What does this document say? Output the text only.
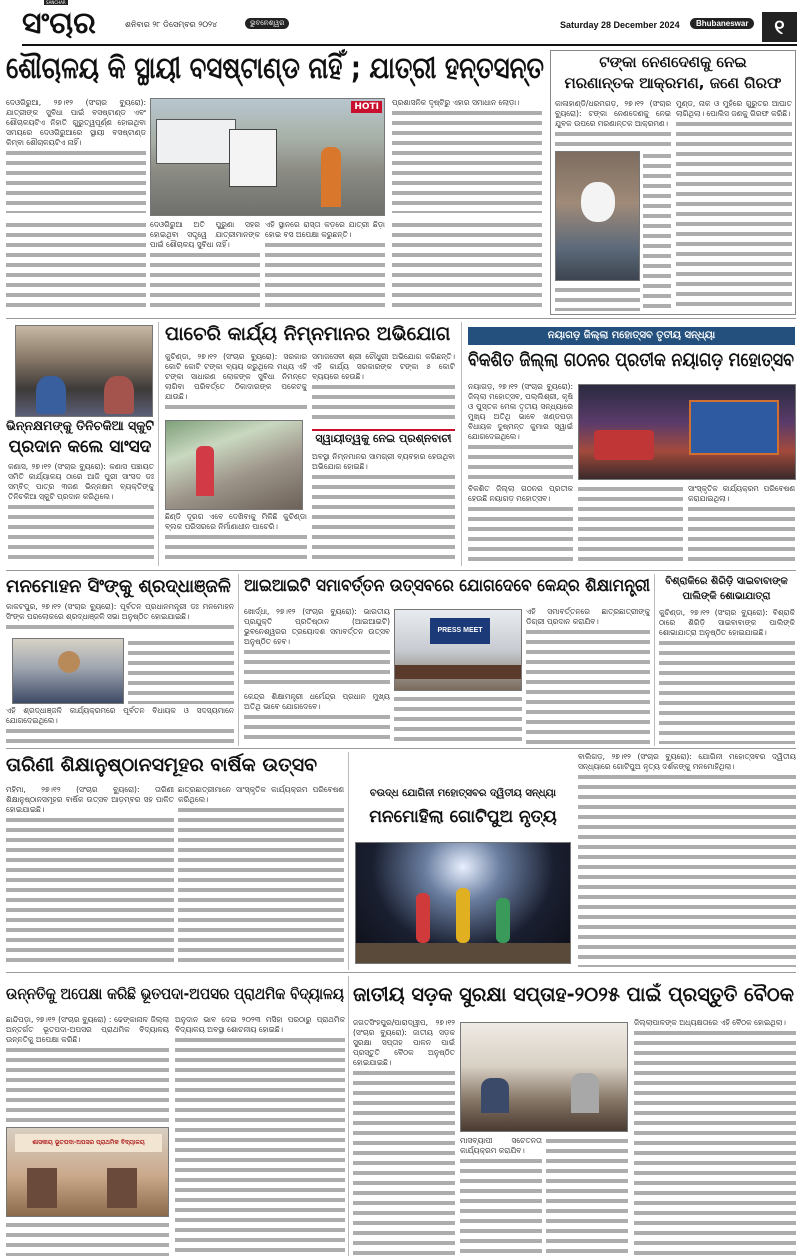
ସଂଚାର
SANCHAR
ଶନିବାର ୨୮ ଡିସେମ୍ବର ୨୦୨୪	ଭୁବନେଶ୍ୱର	Saturday 28 December 2024	Bhubaneswar	୧
ଶୌଚାଳୟ କି ସ୍ଥାୟୀ ବସଷ୍ଟାଣ୍ଡ ନାହିଁ ; ଯାତ୍ରୀ ହନ୍ତସନ୍ତ

ଦେଓଗିରୁଆ, ୨୭।୧୨ (ସଂଚାର ବ୍ୟୁରୋ): ଯାତ୍ରୀଙ୍କ ସୁବିଧା ପାଇଁ ବସଷ୍ଟାଣ୍ଡ ଏବଂ ଶୌଚାଳୟଟିଏ ନିହାତି ଗୁରୁତ୍ୱପୂର୍ଣ୍ଣ ହୋଇଥିବା ସମୟରେ ଦେଓଗିରୁଆରେ ସ୍ଥାୟୀ ବସଷ୍ଟାଣ୍ଡ କିମ୍ବା ଶୌଚାଳୟଟିଏ ନାହିଁ।

HOTI	ପ୍ରଶାସନିକ ଦୃଷ୍ଟିରୁ ଏହାର ସମାଧାନ ଲୋଡ଼ା।

ଦେଓଗିରୁଆ ଅତି ପୁରୁଣା ସହର ହୋଇଥିବା ସତ୍ତ୍ୱେ ଯାତ୍ରୀମାନଙ୍କ ପାଇଁ ଶୌଚାଳୟ ସୁବିଧା ନାହିଁ।

ଏହି ସ୍ଥାନରେ ରାସ୍ତା କଡ଼ରେ ଯାତ୍ରୀ ଛିଡ଼ା ହୋଇ ବସ ଅପେକ୍ଷା କରୁଛନ୍ତି।

ଟଙ୍କା ନେଣଦେଣକୁ ନେଇ
ମରଣାନ୍ତକ ଆକ୍ରମଣ, ଜଣେ ଗିରଫ

କାଳାହାଣ୍ଡି/ଧରମଗଡ଼, ୨୭।୧୨ (ସଂଚାର ବ୍ୟୁରୋ): ଟଙ୍କା ନେଣଦେଣକୁ ନେଇ ଯୁବକ ଉପରେ ମରଣାନ୍ତକ ଆକ୍ରମଣ।

ମୁଣ୍ଡ, ନାକ ଓ ମୁହଁରେ ଗୁରୁତର ଆଘାତ ଲାଗିଥିଲା। ପୋଲିସ ଜଣକୁ ଗିରଫ କରିଛି।

ଭିନ୍ନକ୍ଷମଙ୍କୁ ତିନିଚକିଆ ସ୍କୁଟି
ପ୍ରଦାନ କଲେ ସାଂସଦ

କଣାସ, ୨୭।୧୨ (ସଂଚାର ବ୍ୟୁରୋ): କଣାସ ପଞ୍ଚାୟତ ସମିତି କାର୍ଯ୍ୟାଳୟ ଠାରେ ଆଜି ପୁରୀ ସାଂସଦ ଡଃ ସମ୍ବିତ୍ ପାତ୍ର ୩ଜଣ ଭିନ୍ନକ୍ଷମ ବ୍ୟକ୍ତିଙ୍କୁ ତିନିଚକିଆ ସ୍କୁଟି ପ୍ରଦାନ କରିଥିଲେ।

ପାଚେରି କାର୍ଯ୍ୟ ନିମ୍ନମାନର ଅଭିଯୋଗ

କୁଚିଣ୍ଡା, ୨୭।୧୨ (ସଂଚାର ବ୍ୟୁରୋ): ସରକାର କୋଟି କୋଟି ଟଙ୍କା ବ୍ୟୟ କରୁଥିଲେ ମଧ୍ୟ ଏହି ଟଙ୍କା ସାଧାରଣ ଲୋକଙ୍କ ସୁବିଧା ନିମନ୍ତେ ଲାଗିବା ପରିବର୍ତ୍ତେ ଠିକାଦାରଙ୍କ ପକେଟକୁ ଯାଉଛି।

ସମାଜସେବୀ ଶ୍ରୀ ଚୌଧୁରୀ ଅଭିଯୋଗ କରିଛନ୍ତି। ଏହି କାର୍ଯ୍ୟ ସରକାରଙ୍କ ଟଙ୍କା ୫ କୋଟି ବ୍ୟୟରେ ହେଉଛି।

ଛିଣ୍ଡି ଦୂରଗ ଏବେ ଦେଖିବାକୁ ମିଳିଛି କୁଚିଣ୍ଡା ବ୍ଲକ ପରିସରରେ ନିର୍ମାଣାଧୀନ ପାଚେରି।

ସ୍ୱାୟୀତ୍ୱକୁ ନେଇ ପ୍ରଶ୍ନବାଚୀ

ଅବସ୍ଥା ନିମ୍ନମାନର ସାମଗ୍ରୀ ବ୍ୟବହାର ହେଉଥିବା ଅଭିଯୋଗ ହୋଇଛି।

ନୟାଗଡ଼ ଜିଲ୍ଲା ମହୋତ୍ସବ ତୃତୀୟ ସନ୍ଧ୍ୟା
ବିକଶିତ ଜିଲ୍ଲା ଗଠନର ପ୍ରତୀକ ନୟାଗଡ଼ ମହୋତ୍ସବ

ନୟାଗଡ଼, ୨୭।୧୨ (ସଂଚାର ବ୍ୟୁରୋ): ଜିଲ୍ଲା ମହୋତ୍ସବ, ପଲ୍ଲିଶ୍ରୀ, କୃଷି ଓ ପୁସ୍ତକ ମେଳା ତୃତୀୟ ସନ୍ଧ୍ୟାରେ ମୁଖ୍ୟ ଅତିଥି ଭାବେ ଖଣ୍ଡପଡ଼ା ବିଧାୟକ ଦୁଷ୍ମନ୍ତ କୁମାର ସ୍ୱାଇଁ ଯୋଗଦେଇଥିଲେ।

ବିକଶିତ ଜିଲ୍ଲା ଗଠନର ପ୍ରତୀକ ହେଉଛି ନୟାଗଡ଼ ମହୋତ୍ସବ।

ସାଂସ୍କୃତିକ କାର୍ଯ୍ୟକ୍ରମ ପରିବେଷଣ କରାଯାଇଥିଲା।

ମନମୋହନ ସିଂଙ୍କୁ ଶ୍ରଦ୍ଧାଞ୍ଜଳି

କାକଟପୁର, ୨୭।୧୨ (ସଂଚାର ବ୍ୟୁରୋ): ପୂର୍ବତନ ପ୍ରଧାନମନ୍ତ୍ରୀ ଡଃ ମନମୋହନ ସିଂଙ୍କ ପରଲୋକରେ ଶ୍ରଦ୍ଧାଞ୍ଜଳି ସଭା ଅନୁଷ୍ଠିତ ହୋଇଯାଇଛି।

ଏହି ଶ୍ରଦ୍ଧାଞ୍ଜଳି କାର୍ଯ୍ୟକ୍ରମରେ ପୂର୍ବତନ ବିଧାୟକ ଓ ସଦସ୍ୟମାନେ ଯୋଗଦେଇଥିଲେ।

ଆଇଆଇଟି ସମାବର୍ତ୍ତନ ଉତ୍ସବରେ ଯୋଗଦେବେ କେନ୍ଦ୍ର ଶିକ୍ଷାମନ୍ତ୍ରୀ

ଖୋର୍ଦ୍ଧା, ୨୭।୧୨ (ସଂଚାର ବ୍ୟୁରୋ): ଭାରତୀୟ ପ୍ରଯୁକ୍ତି ପ୍ରତିଷ୍ଠାନ (ଆଇଆଇଟି) ଭୁବନେଶ୍ୱରର ତ୍ରୟୋଦଶ ସମାବର୍ତ୍ତନ ଉତ୍ସବ ଅନୁଷ୍ଠିତ ହେବ।

PRESS MEET

ଏହି ସମାବର୍ତ୍ତନରେ ଛାତ୍ରଛାତ୍ରୀଙ୍କୁ ଡିଗ୍ରୀ ପ୍ରଦାନ କରାଯିବ।

କେନ୍ଦ୍ର ଶିକ୍ଷାମନ୍ତ୍ରୀ ଧର୍ମେନ୍ଦ୍ର ପ୍ରଧାନ ମୁଖ୍ୟ ଅତିଥି ଭାବେ ଯୋଗଦେବେ।

ବିଶ୍ରାକିରେ ଶିରିଡ଼ି ସାଇବାବାଙ୍କ
ପାଲିଙ୍କି ଶୋଭାଯାତ୍ରା

କୁଚିଣ୍ଡା, ୨୭।୧୨ (ସଂଚାର ବ୍ୟୁରୋ): ବିଶ୍ରାକି ଠାରେ ଶିରିଡ଼ି ସାଇବାବାଙ୍କ ପାଲିଙ୍କି ଶୋଭାଯାତ୍ରା ଅନୁଷ୍ଠିତ ହୋଇଯାଇଛି।

ତାରିଣୀ ଶିକ୍ଷାନୁଷ୍ଠାନସମୂହର ବାର୍ଷିକ ଉତ୍ସବ

ମହିମା, ୨୭।୧୨ (ସଂଚାର ବ୍ୟୁରୋ): ତାରିଣୀ ଶିକ୍ଷାନୁଷ୍ଠାନସମୂହର ବାର୍ଷିକ ଉତ୍ସବ ଆଡ଼ମ୍ବର ସହ ପାଳିତ ହୋଇଯାଇଛି।

ଛାତ୍ରଛାତ୍ରୀମାନେ ସାଂସ୍କୃତିକ କାର୍ଯ୍ୟକ୍ରମ ପରିବେଷଣ କରିଥିଲେ।

ବଉଦ୍ଧ ଯୋଗିନୀ ମହୋତ୍ସବର ଦ୍ୱିତୀୟ ସନ୍ଧ୍ୟା
ମନମୋହିଲା ଗୋଟିପୁଅ ନୃତ୍ୟ

ବାଲିଗଡ଼, ୨୭।୧୨ (ସଂଚାର ବ୍ୟୁରୋ): ଯୋଗିନୀ ମହୋତ୍ସବର ଦ୍ୱିତୀୟ ସନ୍ଧ୍ୟାରେ ଗୋଟିପୁଅ ନୃତ୍ୟ ଦର୍ଶକଙ୍କୁ ମନମୋହିଥିଲା।

ଉନ୍ନତିକୁ ଅପେକ୍ଷା କରିଛି ଭୂତପଦା-ଅପସର ପ୍ରାଥମିକ ବିଦ୍ୟାଳୟ

ଛାନ୍ଦିପଡ଼ା, ୨୭।୧୨ (ସଂଚାର ବ୍ୟୁରୋ) : ଢେଙ୍କାନାଳ ଜିଲ୍ଲା ଅନ୍ତର୍ଗତ ଭୂତପଦା-ଅପସର ପ୍ରାଥମିକ ବିଦ୍ୟାଳୟ ଉନ୍ନତିକୁ ଅପେକ୍ଷା କରିଛି।

ଅନୁଦାନ ଭାବ ଦେଇ ୨୦୨୩ ମସିହା ପରଠାରୁ ପ୍ରାଥମିକ ବିଦ୍ୟାଳୟ ଅବସ୍ଥା ଶୋଚନୀୟ ହୋଇଛି।

ଶାସକୀୟ ଭୂତପଦା-ଅପସର ପ୍ରାଥମିକ ବିଦ୍ୟାଳୟ

ଜାତୀୟ ସଡ଼କ ସୁରକ୍ଷା ସପ୍ତାହ-୨୦୨୫ ପାଇଁ ପ୍ରସ୍ତୁତି ବୈଠକ

ଜଗତସିଂହପୁର/ପାରାଦ୍ୱୀପ, ୨୭।୧୨ (ସଂଚାର ବ୍ୟୁରୋ): ଜାତୀୟ ସଡ଼କ ସୁରକ୍ଷା ସପ୍ତାହ ପାଳନ ପାଇଁ ପ୍ରସ୍ତୁତି ବୈଠକ ଅନୁଷ୍ଠିତ ହୋଇଯାଇଛି।

ମାସବ୍ୟାପୀ ସଚେତନତା କାର୍ଯ୍ୟକ୍ରମ କରାଯିବ।

ଜିଲ୍ଲାପାଳଙ୍କ ଅଧ୍ୟକ୍ଷତାରେ ଏହି ବୈଠକ ହୋଇଥିଲା।
